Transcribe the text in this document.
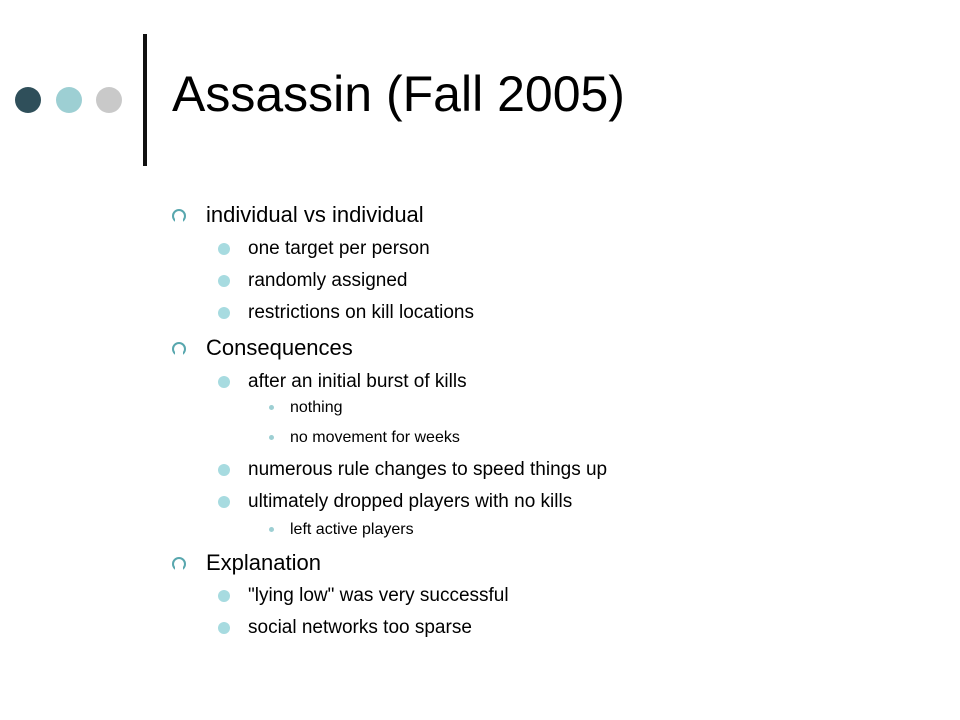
Assassin (Fall 2005)
individual vs individual
one target per person
randomly assigned
restrictions on kill locations
Consequences
after an initial burst of kills
nothing
no movement for weeks
numerous rule changes to speed things up
ultimately dropped players with no kills
left active players
Explanation
"lying low" was very successful
social networks too sparse
